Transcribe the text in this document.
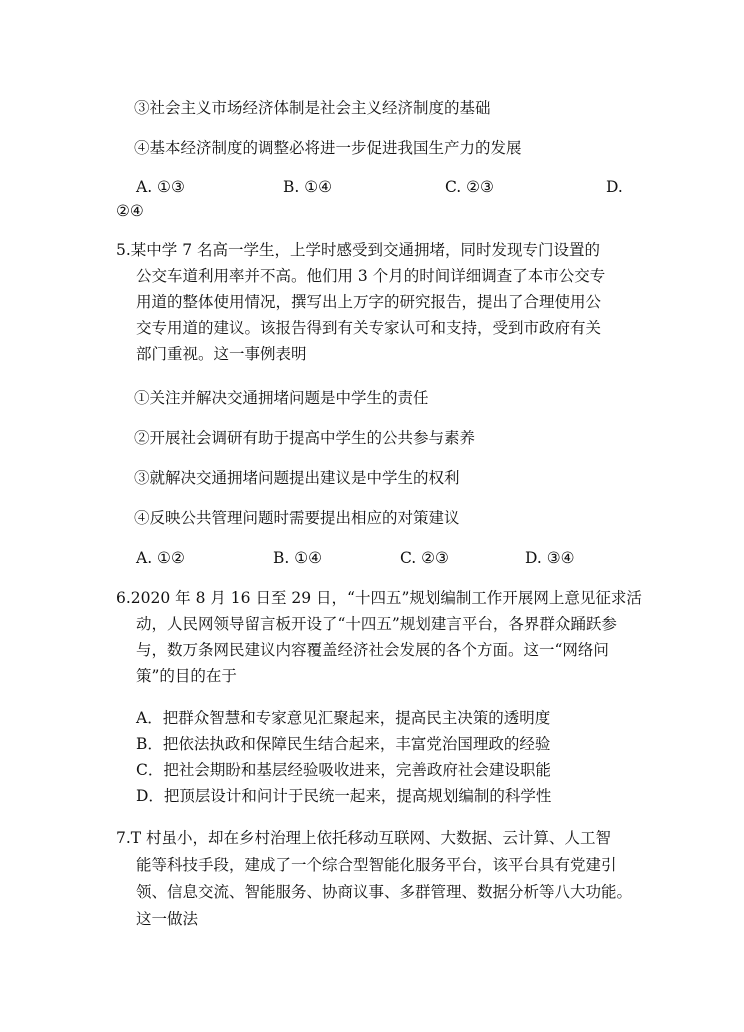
③社会主义市场经济体制是社会主义经济制度的基础
④基本经济制度的调整必将进一步促进我国生产力的发展
A. ①③	B. ①④	C. ②③	D.
②④
5.某中学 7 名高一学生，上学时感受到交通拥堵，同时发现专门设置的
公交车道利用率并不高。他们用 3 个月的时间详细调查了本市公交专
用道的整体使用情况，撰写出上万字的研究报告，提出了合理使用公
交专用道的建议。该报告得到有关专家认可和支持，受到市政府有关
部门重视。这一事例表明
①关注并解决交通拥堵问题是中学生的责任
②开展社会调研有助于提高中学生的公共参与素养
③就解决交通拥堵问题提出建议是中学生的权利
④反映公共管理问题时需要提出相应的对策建议
A. ①②	B. ①④	C. ②③	D. ③④
6.2020 年 8 月 16 日至 29 日，“十四五”规划编制工作开展网上意见征求活
动，人民网领导留言板开设了“十四五”规划建言平台，各界群众踊跃参
与，数万条网民建议内容覆盖经济社会发展的各个方面。这一“网络问
策”的目的在于
A．把群众智慧和专家意见汇聚起来，提高民主决策的透明度
B．把依法执政和保障民生结合起来，丰富党治国理政的经验
C．把社会期盼和基层经验吸收进来，完善政府社会建设职能
D．把顶层设计和问计于民统一起来，提高规划编制的科学性
7.T 村虽小，却在乡村治理上依托移动互联网、大数据、云计算、人工智
能等科技手段，建成了一个综合型智能化服务平台，该平台具有党建引
领、信息交流、智能服务、协商议事、多群管理、数据分析等八大功能。
这一做法
